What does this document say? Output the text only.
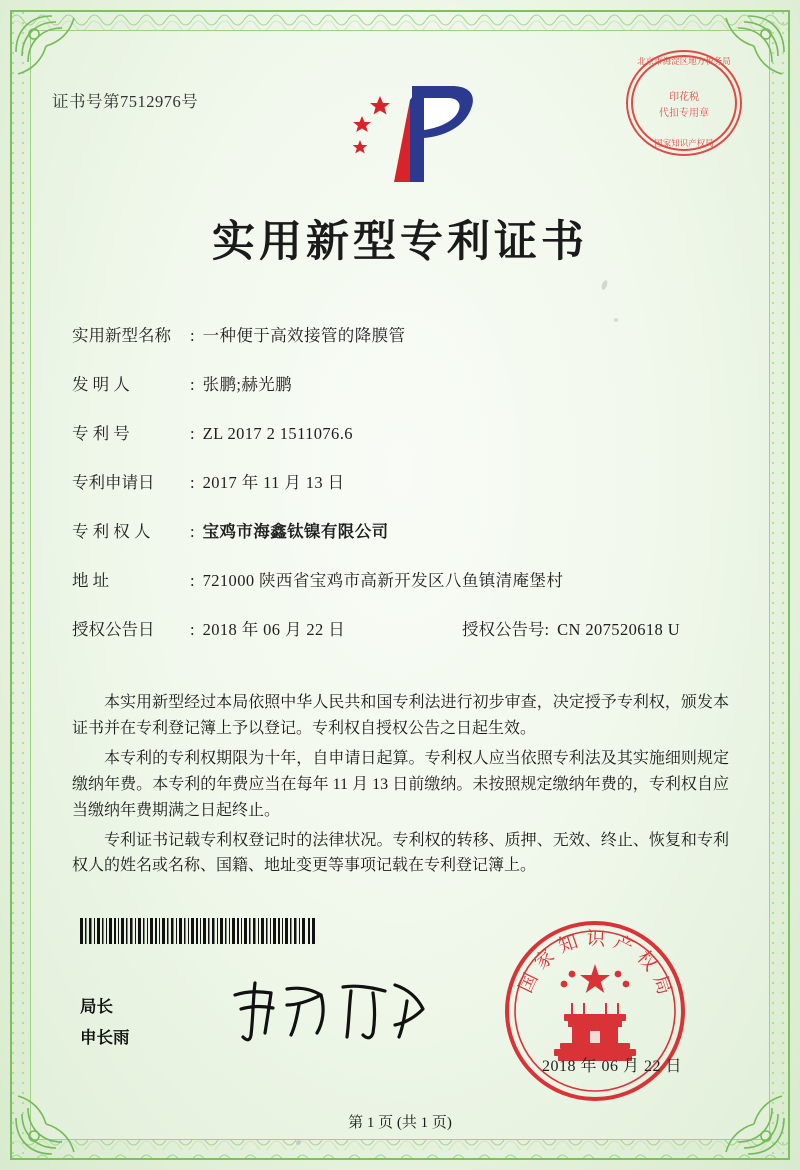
证书号第7512976号
北京市海淀区地方税务局
印花税
代扣专用章
国家知识产权局
实用新型专利证书
实用新型名称	: 一种便于高效接管的降膜管
发 明 人	: 张鹏;赫光鹏
专 利 号	: ZL 2017 2 1511076.6
专利申请日	: 2017 年 11 月 13 日
专 利 权 人	: 宝鸡市海鑫钛镍有限公司
地 址	: 721000 陕西省宝鸡市高新开发区八鱼镇清庵堡村
授权公告日	: 2018 年 06 月 22 日	授权公告号 : CN 207520618 U

本实用新型经过本局依照中华人民共和国专利法进行初步审查，决定授予专利权，颁发本证书并在专利登记簿上予以登记。专利权自授权公告之日起生效。

本专利的专利权期限为十年，自申请日起算。专利权人应当依照专利法及其实施细则规定缴纳年费。本专利的年费应当在每年 11 月 13 日前缴纳。未按照规定缴纳年费的，专利权自应当缴纳年费期满之日起终止。

专利证书记载专利权登记时的法律状况。专利权的转移、质押、无效、终止、恢复和专利权人的姓名或名称、国籍、地址变更等事项记载在专利登记簿上。

局长
申长雨
国家知识产权局
2018 年 06 月 22 日
第 1 页 (共 1 页)
